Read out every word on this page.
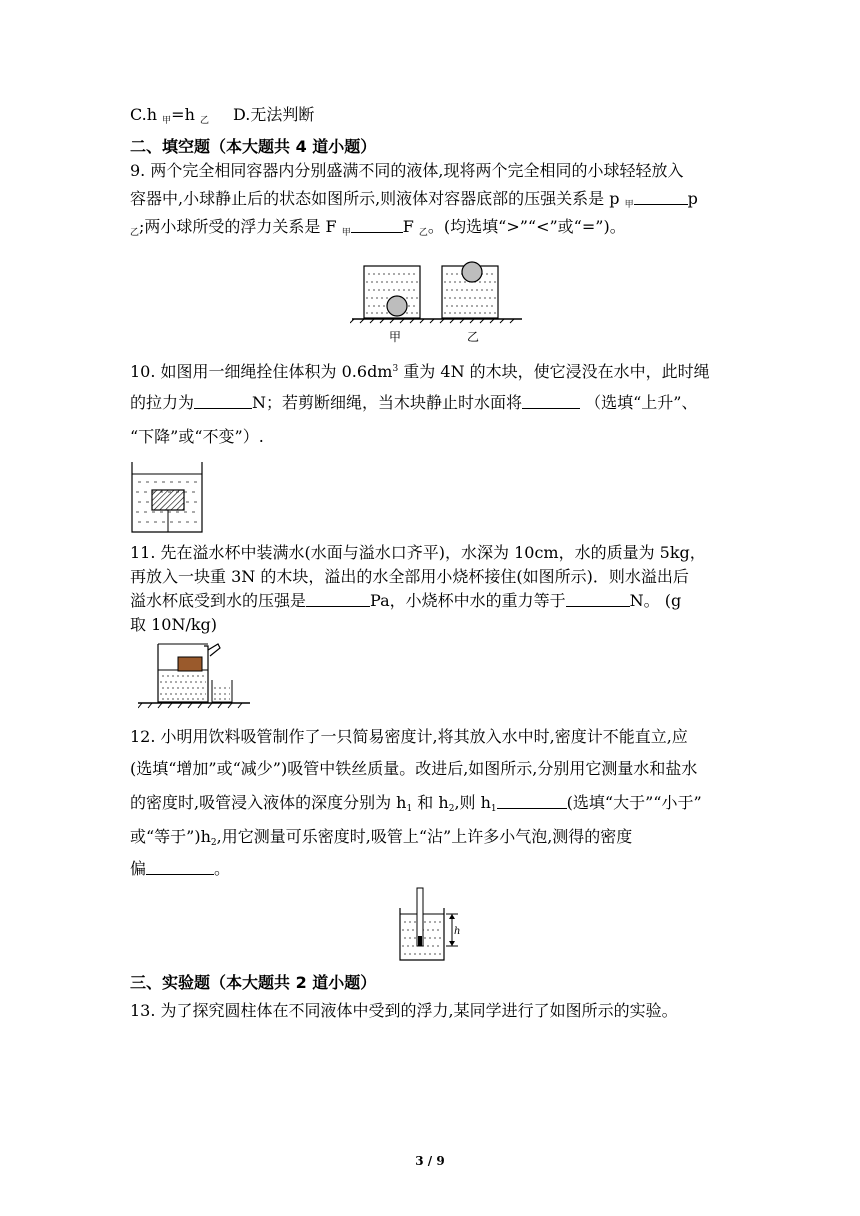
C.h $_甲$=h $_乙$ D.无法判断
二、填空题（本大题共 4 道小题）
9. 两个完全相同容器内分别盛满不同的液体,现将两个完全相同的小球轻轻放入
容器中,小球静止后的状态如图所示,则液体对容器底部的压强关系是 p $_甲$	p
$_乙$;两小球所受的浮力关系是 F $_甲$	F $_乙$。(均选填“>”“<”或“=”)。
甲	乙
10. 如图用一细绳拴住体积为 $0.6dm^3$ 重为 4N 的木块，使它浸没在水中，此时绳
的拉力为	N；若剪断细绳，当木块静止时水面将	（选填“上升”、
“下降”或“不变”）.
11. 先在溢水杯中装满水(水面与溢水口齐平)，水深为 10cm，水的质量为 5kg，
再放入一块重 3N 的木块，溢出的水全部用小烧杯接住(如图所示)．则水溢出后
溢水杯底受到水的压强是	Pa，小烧杯中水的重力等于	N。 (g
取 10N/kg)
12. 小明用饮料吸管制作了一只简易密度计,将其放入水中时,密度计不能直立,应
(选填“增加”或“减少”)吸管中铁丝质量。改进后,如图所示,分别用它测量水和盐水
的密度时,吸管浸入液体的深度分别为 $h_1$ 和 $h_2$,则 $h_1$	(选填“大于”“小于”
或“等于$”)h_2$,用它测量可乐密度时,吸管上“沾”上许多小气泡,测得的密度
偏	。
h
三、实验题（本大题共 2 道小题）
13. 为了探究圆柱体在不同液体中受到的浮力,某同学进行了如图所示的实验。
3 / 9
